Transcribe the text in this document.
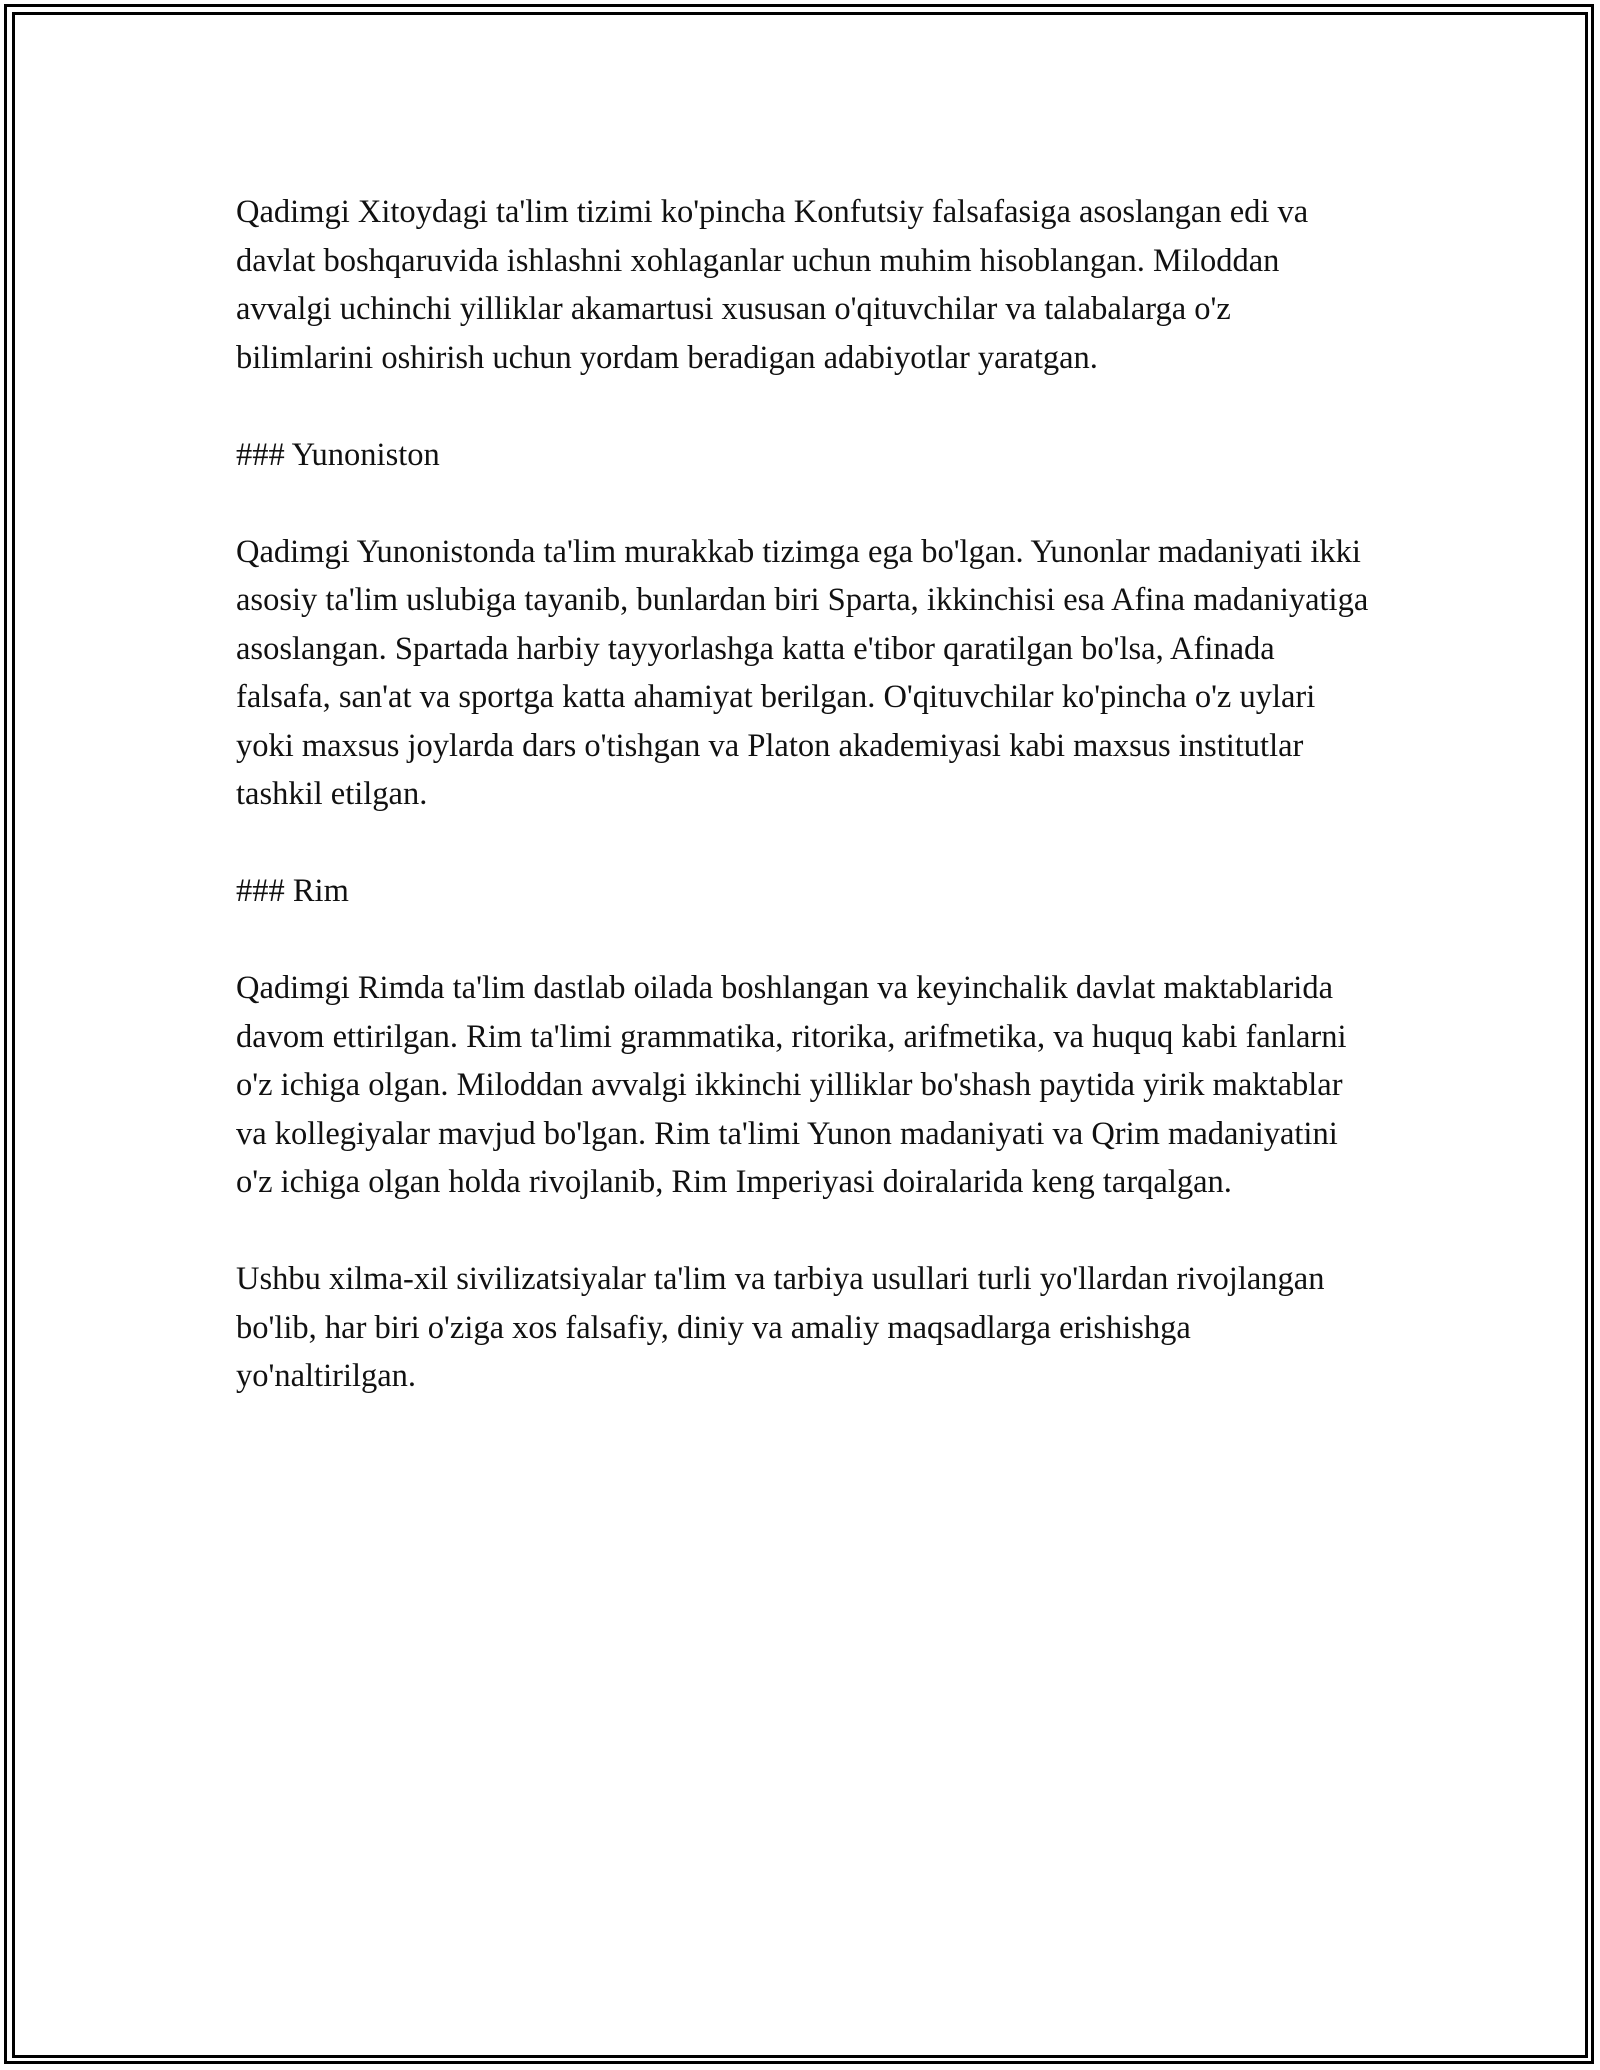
Qadimgi Xitoydagi ta'lim tizimi ko'pincha Konfutsiy falsafasiga asoslangan edi va davlat boshqaruvida ishlashni xohlaganlar uchun muhim hisoblangan. Miloddan avvalgi uchinchi yilliklar akamartusi xususan o'qituvchilar va talabalarga o'z bilimlarini oshirish uchun yordam beradigan adabiyotlar yaratgan.

### Yunoniston

Qadimgi Yunonistonda ta'lim murakkab tizimga ega bo'lgan. Yunonlar madaniyati ikki asosiy ta'lim uslubiga tayanib, bunlardan biri Sparta, ikkinchisi esa Afina madaniyatiga asoslangan. Spartada harbiy tayyorlashga katta e'tibor qaratilgan bo'lsa, Afinada falsafa, san'at va sportga katta ahamiyat berilgan. O'qituvchilar ko'pincha o'z uylari yoki maxsus joylarda dars o'tishgan va Platon akademiyasi kabi maxsus institutlar tashkil etilgan.

### Rim

Qadimgi Rimda ta'lim dastlab oilada boshlangan va keyinchalik davlat maktablarida davom ettirilgan. Rim ta'limi grammatika, ritorika, arifmetika, va huquq kabi fanlarni o'z ichiga olgan. Miloddan avvalgi ikkinchi yilliklar bo'shash paytida yirik maktablar va kollegiyalar mavjud bo'lgan. Rim ta'limi Yunon madaniyati va Qrim madaniyatini o'z ichiga olgan holda rivojlanib, Rim Imperiyasi doiralarida keng tarqalgan.

Ushbu xilma-xil sivilizatsiyalar ta'lim va tarbiya usullari turli yo'llardan rivojlangan bo'lib, har biri o'ziga xos falsafiy, diniy va amaliy maqsadlarga erishishga yo'naltirilgan.
